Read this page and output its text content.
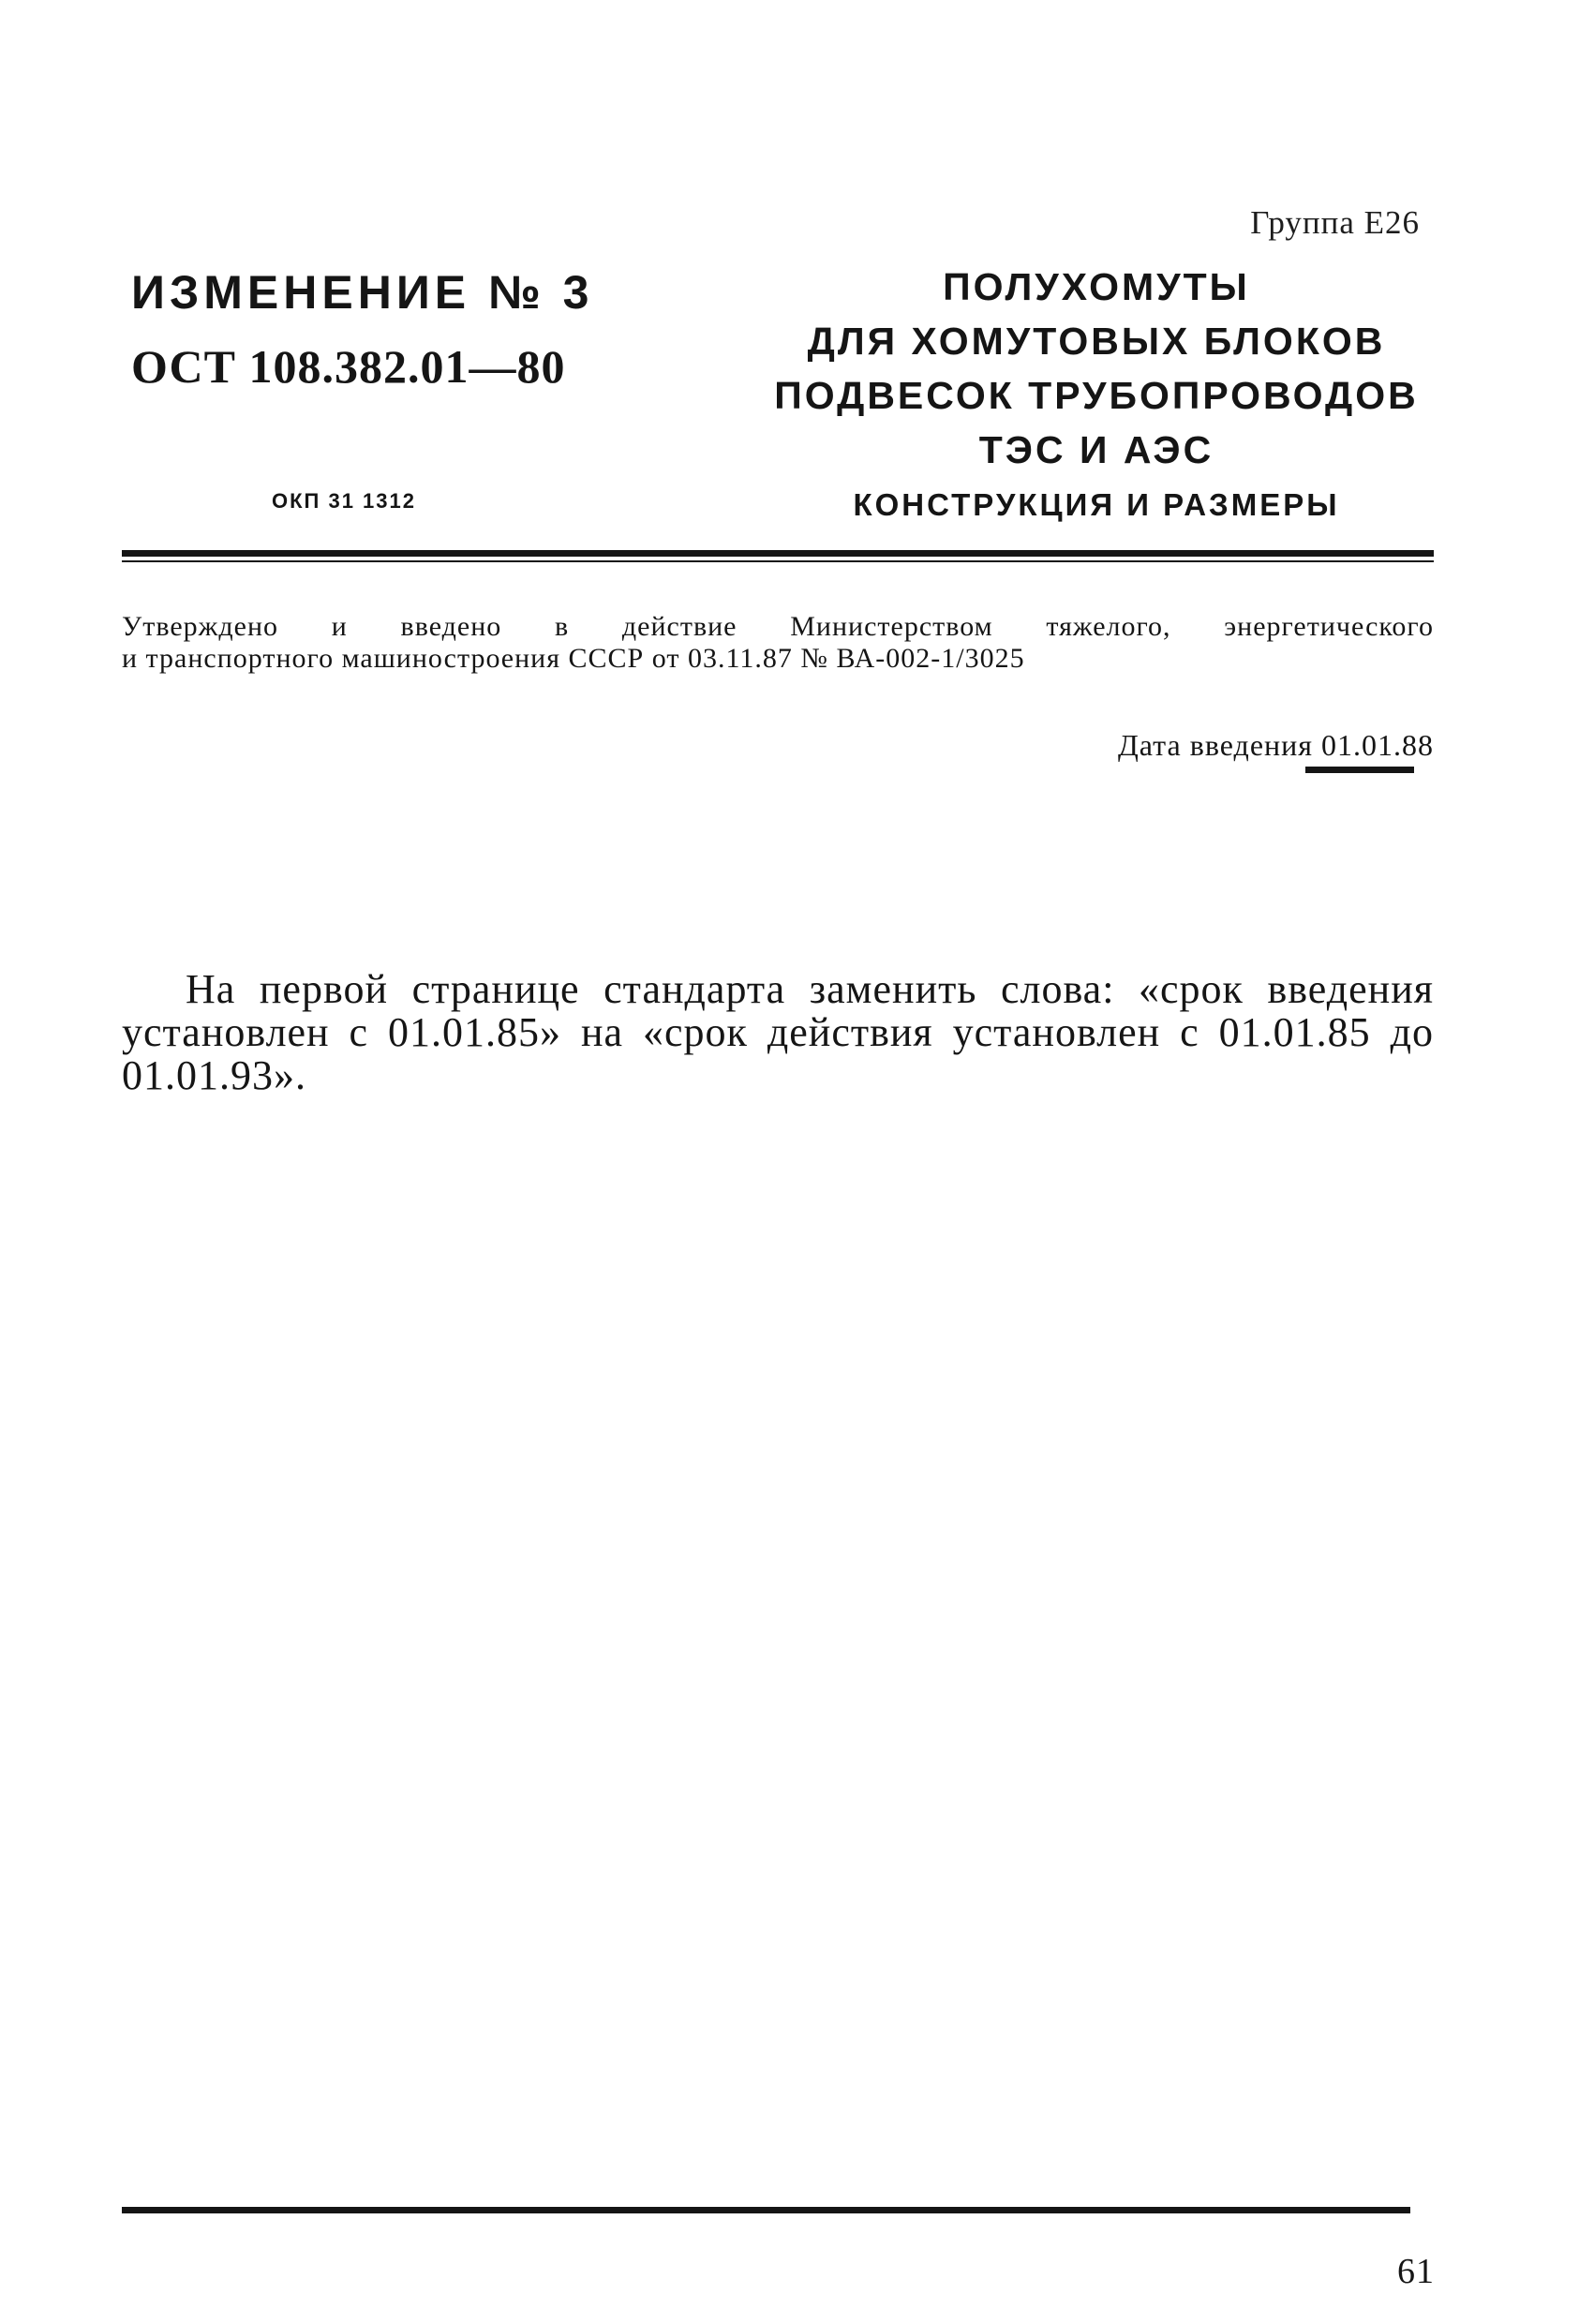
Группа Е26
ИЗМЕНЕНИЕ № 3
ОСТ 108.382.01—80
ОКП 31 1312
ПОЛУХОМУТЫ
ДЛЯ ХОМУТОВЫХ БЛОКОВ
ПОДВЕСОК ТРУБОПРОВОДОВ
ТЭС И АЭС
КОНСТРУКЦИЯ И РАЗМЕРЫ
Утверждено и введено в действие Министерством тяжелого, энергетического
и транспортного машиностроения СССР от 03.11.87 № ВА-002-1/3025
Дата введения 01.01.88
На первой странице стандарта заменить слова: «срок введения установлен с 01.01.85» на «срок действия установлен с 01.01.85 до 01.01.93».
61
